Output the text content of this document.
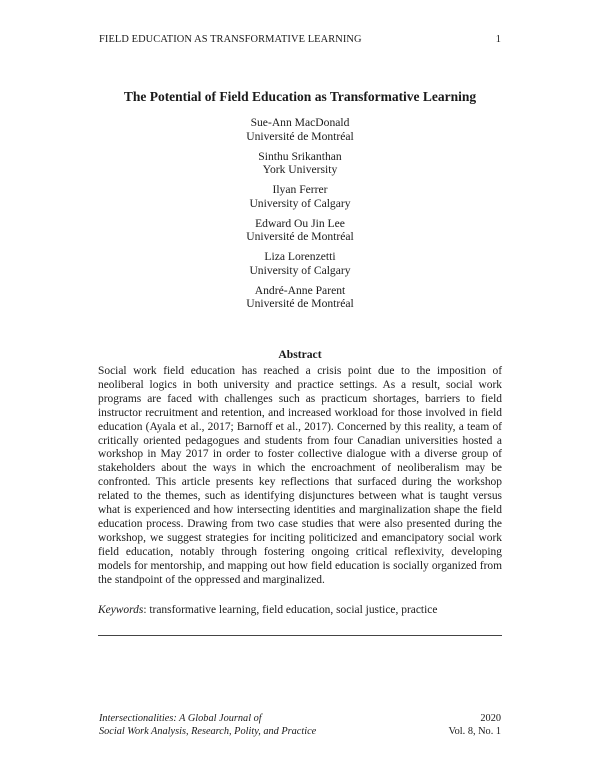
FIELD EDUCATION AS TRANSFORMATIVE LEARNING	1
The Potential of Field Education as Transformative Learning
Sue-Ann MacDonald
Université de Montréal
Sinthu Srikanthan
York University
Ilyan Ferrer
University of Calgary
Edward Ou Jin Lee
Université de Montréal
Liza Lorenzetti
University of Calgary
André-Anne Parent
Université de Montréal
Abstract
Social work field education has reached a crisis point due to the imposition of neoliberal logics in both university and practice settings. As a result, social work programs are faced with challenges such as practicum shortages, barriers to field instructor recruitment and retention, and increased workload for those involved in field education (Ayala et al., 2017; Barnoff et al., 2017). Concerned by this reality, a team of critically oriented pedagogues and students from four Canadian universities hosted a workshop in May 2017 in order to foster collective dialogue with a diverse group of stakeholders about the ways in which the encroachment of neoliberalism may be confronted. This article presents key reflections that surfaced during the workshop related to the themes, such as identifying disjunctures between what is taught versus what is experienced and how intersecting identities and marginalization shape the field education process. Drawing from two case studies that were also presented during the workshop, we suggest strategies for inciting politicized and emancipatory social work field education, notably through fostering ongoing critical reflexivity, developing models for mentorship, and mapping out how field education is socially organized from the standpoint of the oppressed and marginalized.
Keywords: transformative learning, field education, social justice, practice
Intersectionalities: A Global Journal of
Social Work Analysis, Research, Polity, and Practice
2020
Vol. 8, No. 1
